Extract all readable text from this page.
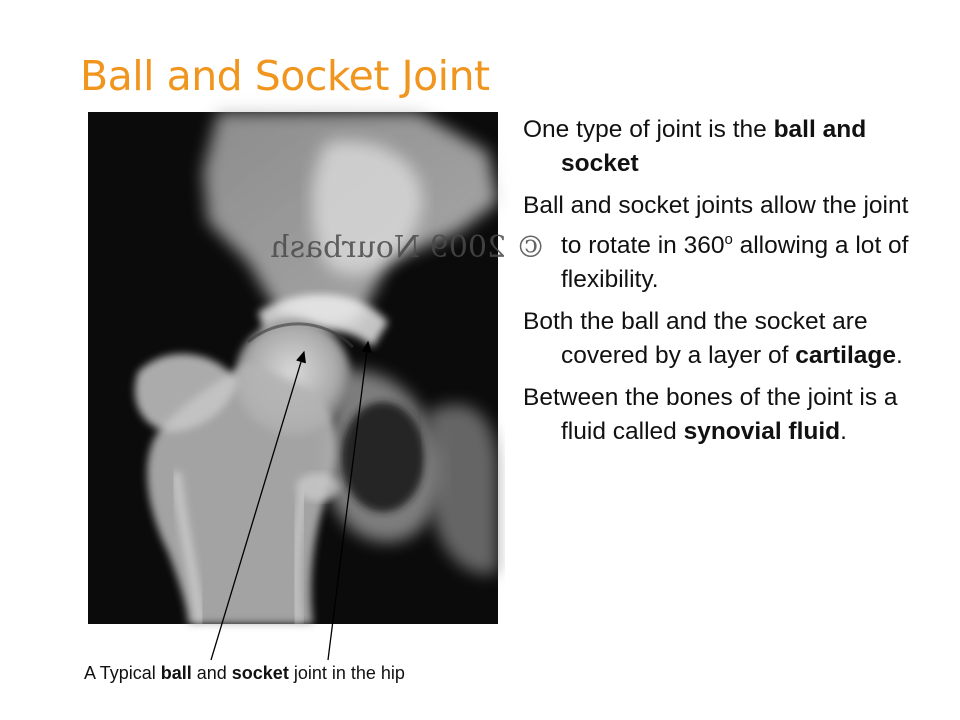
Ball and Socket Joint
© 2009 Nourbash
One type of joint is the ball and socket
Ball and socket joints allow the joint to rotate in 360$^o$ allowing a lot of flexibility.
Both the ball and the socket are covered by a layer of cartilage.
Between the bones of the joint is a fluid called synovial fluid.
A Typical ball and socket joint in the hip
